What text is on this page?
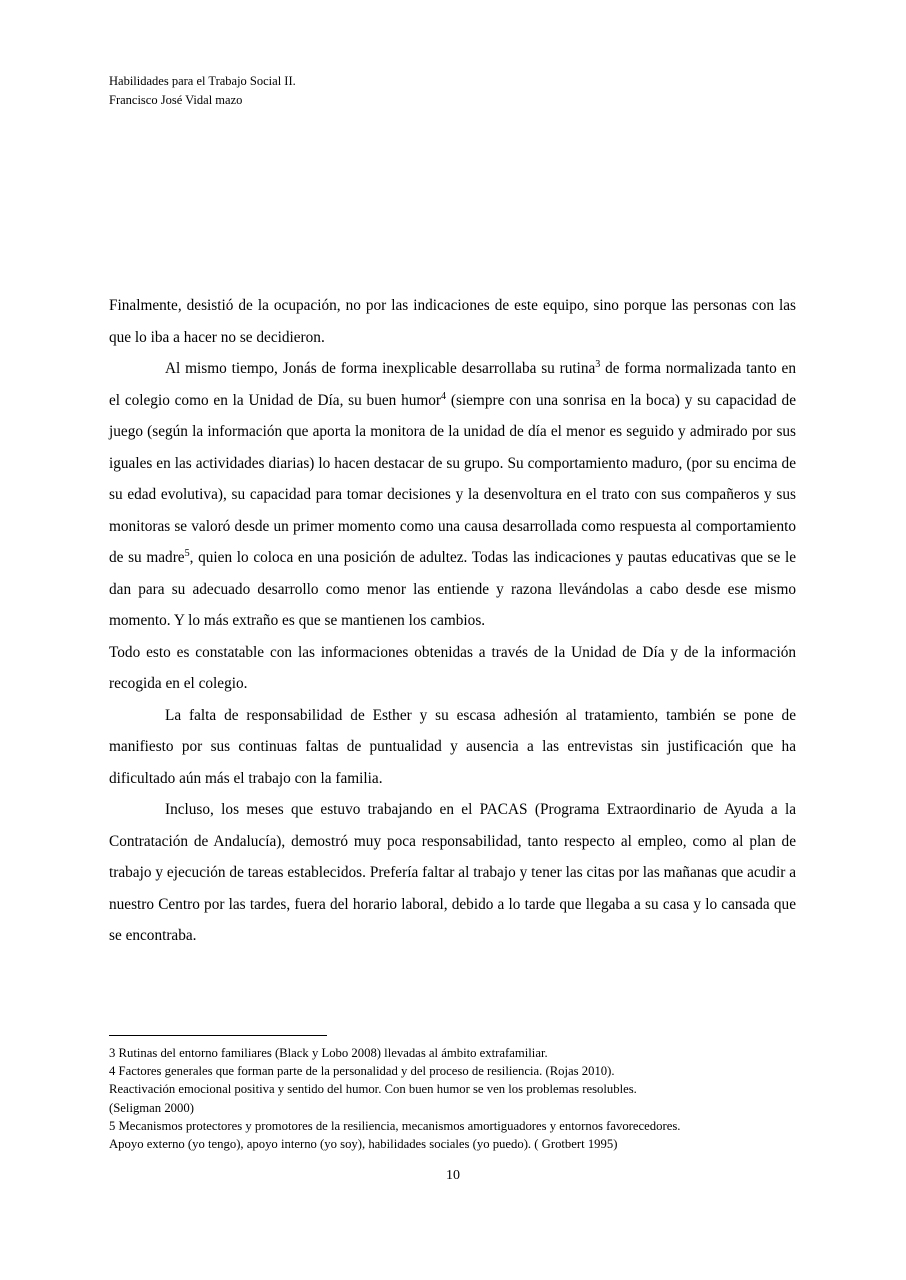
Habilidades para el Trabajo Social II.
Francisco José Vidal mazo

Finalmente, desistió de la ocupación, no por las indicaciones de este equipo, sino porque las personas con las que lo iba a hacer no se decidieron.

Al mismo tiempo, Jonás de forma inexplicable desarrollaba su rutina$^3$ de forma normalizada tanto en el colegio como en la Unidad de Día, su buen humor$^4$ (siempre con una sonrisa en la boca) y su capacidad de juego (según la información que aporta la monitora de la unidad de día el menor es seguido y admirado por sus iguales en las actividades diarias) lo hacen destacar de su grupo. Su comportamiento maduro, (por su encima de su edad evolutiva), su capacidad para tomar decisiones y la desenvoltura en el trato con sus compañeros y sus monitoras se valoró desde un primer momento como una causa desarrollada como respuesta al comportamiento de su madre$^5$, quien lo coloca en una posición de adultez. Todas las indicaciones y pautas educativas que se le dan para su adecuado desarrollo como menor las entiende y razona llevándolas a cabo desde ese mismo momento. Y lo más extraño es que se mantienen los cambios.

Todo esto es constatable con las informaciones obtenidas a través de la Unidad de Día y de la información recogida en el colegio.

La falta de responsabilidad de Esther y su escasa adhesión al tratamiento, también se pone de manifiesto por sus continuas faltas de puntualidad y ausencia a las entrevistas sin justificación que ha dificultado aún más el trabajo con la familia.

Incluso, los meses que estuvo trabajando en el PACAS (Programa Extraordinario de Ayuda a la Contratación de Andalucía), demostró muy poca responsabilidad, tanto respecto al empleo, como al plan de trabajo y ejecución de tareas establecidos. Prefería faltar al trabajo y tener las citas por las mañanas que acudir a nuestro Centro por las tardes, fuera del horario laboral, debido a lo tarde que llegaba a su casa y lo cansada que se encontraba.

3 Rutinas del entorno familiares (Black y Lobo 2008) llevadas al ámbito extrafamiliar.
4 Factores generales que forman parte de la personalidad y del proceso de resiliencia. (Rojas 2010).
Reactivación emocional positiva y sentido del humor. Con buen humor se ven los problemas resolubles.
(Seligman 2000)
5 Mecanismos protectores y promotores de la resiliencia, mecanismos amortiguadores y entornos favorecedores.
Apoyo externo (yo tengo), apoyo interno (yo soy), habilidades sociales (yo puedo). ( Grotbert 1995)
10
